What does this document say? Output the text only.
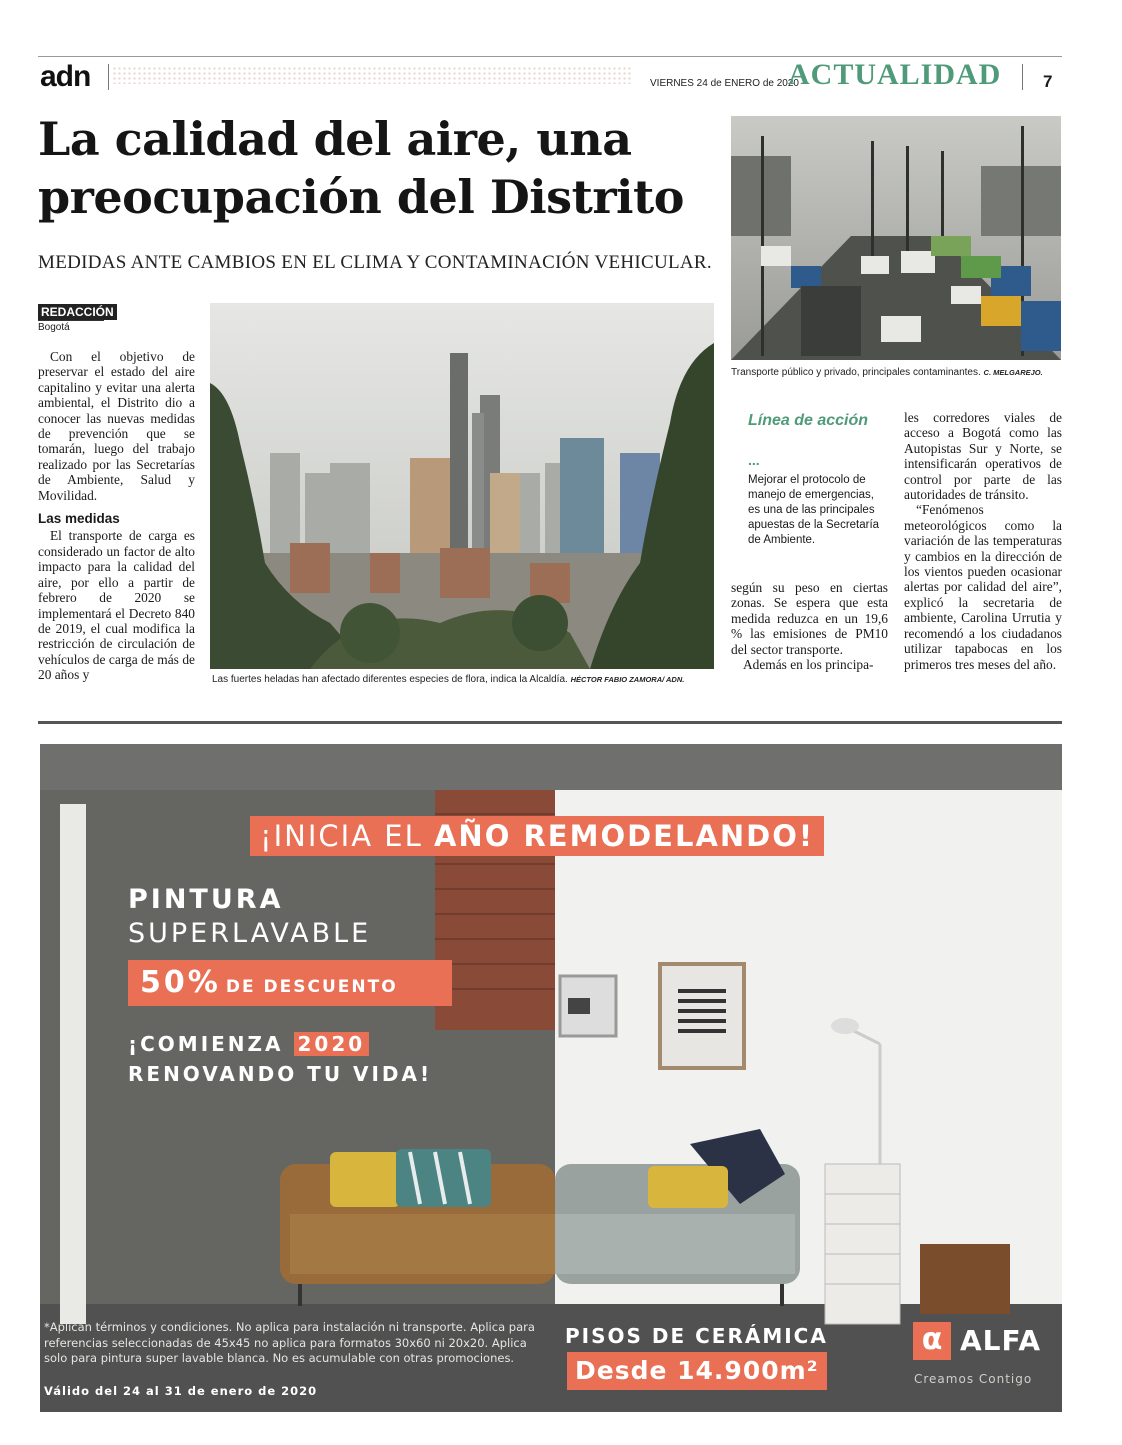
adn	VIERNES 24 de ENERO de 2020
ACTUALIDAD 7
La calidad del aire, una preocupación del Distrito
MEDIDAS ANTE CAMBIOS EN EL CLIMA Y CONTAMINACIÓN VEHICULAR.
Transporte público y privado, principales contaminantes. C. MELGAREJO.
REDACCIÓN
Bogotá

Con el objetivo de preservar el estado del aire capitalino y evitar una alerta ambiental, el Distrito dio a conocer las nuevas medidas de prevención que se tomarán, luego del trabajo realizado por las Secretarías de Ambiente, Salud y Movilidad.

Las medidas

El transporte de carga es considerado un factor de alto impacto para la calidad del aire, por ello a partir de febrero de 2020 se implementará el Decreto 840 de 2019, el cual modifica la restricción de circulación de vehículos de carga de más de 20 años y	Las fuertes heladas han afectado diferentes especies de flora, indica la Alcaldía. HÉCTOR FABIO ZAMORA/ ADN.
Línea de acción
...
Mejorar el protocolo de manejo de emergencias, es una de las principales apuestas de la Secretaría de Ambiente.

según su peso en ciertas zonas. Se espera que esta medida reduzca en un 19,6 % las emisiones de PM10 del sector transporte.

Además en los principa-

les corredores viales de acceso a Bogotá como las Autopistas Sur y Norte, se intensificarán operativos de control por parte de las autoridades de tránsito.

“Fenómenos meteorológicos como la variación de las temperaturas y cambios en la dirección de los vientos pueden ocasionar alertas por calidad del aire”, explicó la secretaria de ambiente, Carolina Urrutia y recomendó a los ciudadanos utilizar tapabocas en los primeros tres meses del año.

¡INICIA EL AÑO REMODELANDO!
PINTURA
SUPERLAVABLE
50% DE DESCUENTO
¡COMIENZA 2020
RENOVANDO TU VIDA!
*Aplican términos y condiciones. No aplica para instalación ni transporte. Aplica para referencias seleccionadas de 45x45 no aplica para formatos 30x60 ni 20x20. Aplica solo para pintura super lavable blanca. No es acumulable con otras promociones.
Válido del 24 al 31 de enero de 2020
PISOS DE CERÁMICA
Desde 14.900m²
α ALFA
Creamos Contigo
